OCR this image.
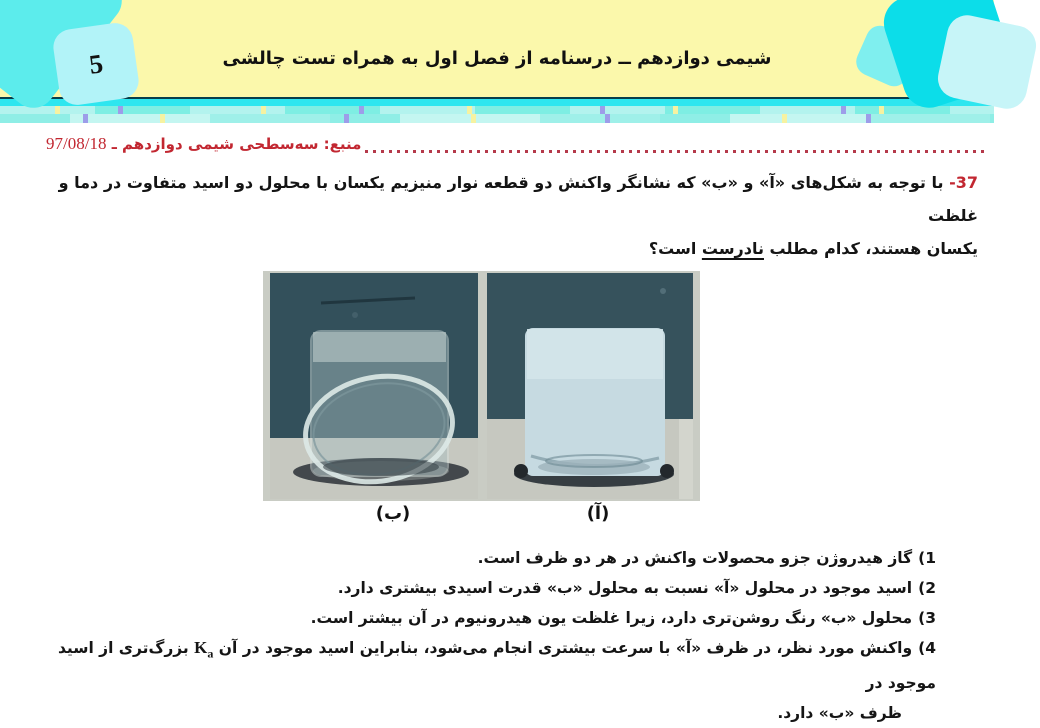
5	شیمی دوازدهم ــ درسنامه از فصل اول به همراه تست چالشی
منبع: سه‌سطحی شیمی دوازدهم ـ 97/08/18
37- با توجه به شکل‌های «آ» و «ب» که نشانگر واکنش دو قطعه نوار منیزیم یکسان با محلول دو اسید متفاوت در دما و غلظت
یکسان هستند، کدام مطلب نادرست است؟
(ب)	(آ)
1)گاز هیدروژن جزو محصولات واکنش در هر دو ظرف است.
2)اسید موجود در محلول «آ» نسبت به محلول «ب» قدرت اسیدی بیشتری دارد.
3)محلول «ب» رنگ روشن‌تری دارد، زیرا غلظت یون هیدرونیوم در آن بیشتر است.
4)واکنش مورد نظر، در ظرف «آ» با سرعت بیشتری انجام می‌شود، بنابراین اسید موجود در آن $K_a$ بزرگ‌تری از اسید موجود در
ظرف «ب» دارد.
